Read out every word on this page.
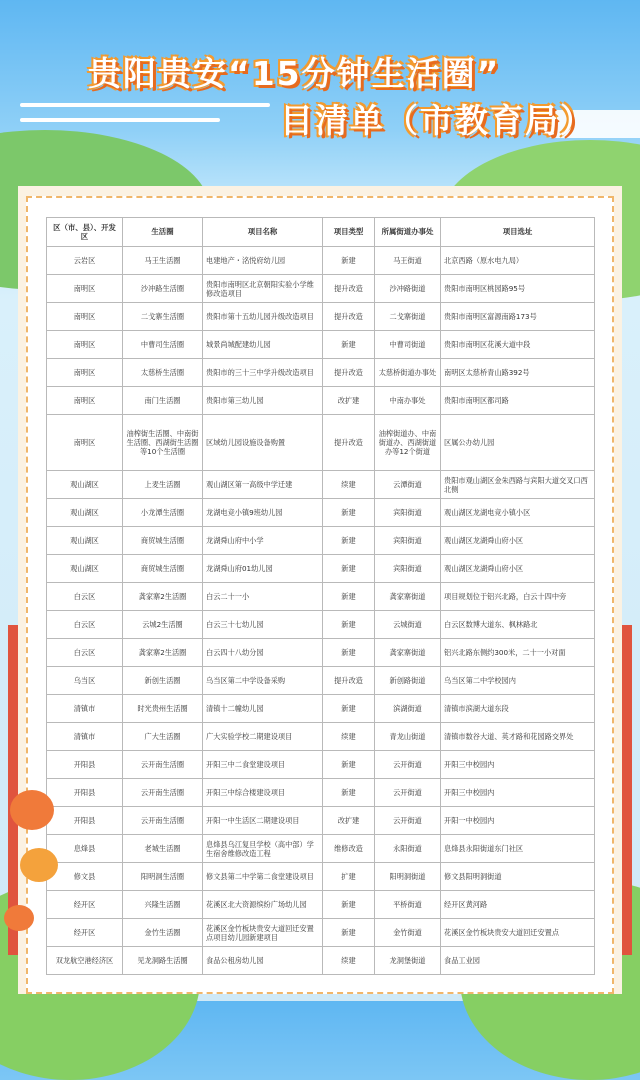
贵阳贵安“15分钟生活圈”
目清单（市教育局）
区（市、县）、开发区	生活圈	项目名称	项目类型	所属街道办事处	项目选址
云岩区	马王生活圈	电建地产・洺悦府幼儿园	新建	马王街道	北京西路（原水电九局）
南明区	沙冲路生活圈	贵阳市南明区北京朝阳实验小学维修改造项目	提升改造	沙冲路街道	贵阳市南明区桃园路95号
南明区	二戈寨生活圈	贵阳市第十五幼儿园升级改造项目	提升改造	二戈寨街道	贵阳市南明区富源南路173号
南明区	中曹司生活圈	城景尚城配建幼儿园	新建	中曹司街道	贵阳市南明区花溪大道中段
南明区	太慈桥生活圈	贵阳市的三十三中学升级改造项目	提升改造	太慈桥街道办事处	南明区太慈桥青山路392号
南明区	南门生活圈	贵阳市第三幼儿园	改扩建	中南办事处	贵阳市南明区都司路
南明区	油榨街生活圈、中南街生活圈、西湖街生活圈等10个生活圈	区域幼儿园设施设备购置	提升改造	油榨街道办、中南街道办、西湖街道办等12个街道	区属公办幼儿园
观山湖区	上麦生活圈	观山湖区第一高级中学迁建	续建	云潭街道	贵阳市观山湖区金朱西路与宾阳大道交叉口西北侧
观山湖区	小龙潭生活圈	龙湖电竞小镇9班幼儿园	新建	宾阳街道	观山湖区龙湖电竞小镇小区
观山湖区	商贸城生活圈	龙湖舜山府中小学	新建	宾阳街道	观山湖区龙湖舜山府小区
观山湖区	商贸城生活圈	龙湖舜山府01幼儿园	新建	宾阳街道	观山湖区龙湖舜山府小区
白云区	龚家寨2生活圈	白云二十一小	新建	龚家寨街道	项目规划位于铝兴北路，白云十四中旁
白云区	云城2生活圈	白云三十七幼儿园	新建	云城街道	白云区数博大道东、枫林路北
白云区	龚家寨2生活圈	白云四十八幼分园	新建	龚家寨街道	铝兴北路东侧约300米，二十一小对面
乌当区	新创生活圈	乌当区第二中学设备采购	提升改造	新创路街道	乌当区第二中学校园内
清镇市	时光贵州生活圈	清镇十二幢幼儿园	新建	滨湖街道	清镇市滨湖大道东段
清镇市	广大生活圈	广大实验学校二期建设项目	续建	青龙山街道	清镇市数谷大道、英才路和花园路交界处
开阳县	云开南生活圈	开阳三中二食堂建设项目	新建	云开街道	开阳三中校园内
开阳县	云开南生活圈	开阳三中综合楼建设项目	新建	云开街道	开阳三中校园内
开阳县	云开南生活圈	开阳一中生活区二期建设项目	改扩建	云开街道	开阳一中校园内
息烽县	老城生活圈	息烽县乌江复旦学校（高中部）学生宿舍维修改造工程	维修改造	永阳街道	息烽县永阳街道东门社区
修文县	阳明洞生活圈	修文县第二中学第二食堂建设项目	扩建	阳明洞街道	修文县阳明洞街道
经开区	兴隆生活圈	花溪区北大资源缤纷广场幼儿园	新建	平桥街道	经开区黄河路
经开区	金竹生活圈	花溪区金竹板块贵安大道回迁安置点项目幼儿园新建项目	新建	金竹街道	花溪区金竹板块贵安大道回迁安置点
双龙航空港经济区	见龙洞路生活圈	食品公租房幼儿园	续建	龙洞堡街道	食品工业园
